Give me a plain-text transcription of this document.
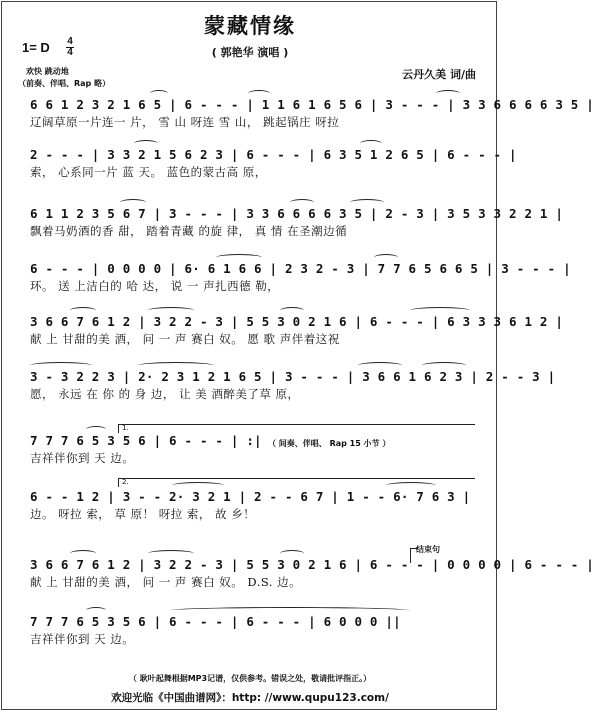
蒙藏情缘
1= D 4
4	( 郭艳华 演唱 )
云丹久美 词/曲
欢快 跳动地
（前奏、伴唱、Rap 略）
6 6 1 2 3 2 1 6 5 | 6 - - - | 1 1 6 1 6 5 6 | 3 - - - | 3 3 6 6 6 6 3 5 |
辽阔草原一片连一 片， 雪 山 呀连 雪 山， 跳起锅庄 呀拉
2 - - - | 3 3 2 1 5 6 2 3 | 6 - - - | 6 3 5 1 2 6 5 | 6 - - - |
索， 心系同一片 蓝 天。 蓝色的蒙古高 原，
6 1 1 2 3 5 6 7 | 3 - - - | 3 3 6 6 6 6 3 5 | 2 - 3 | 3 5 3 3 2 2 1 |
飘着马奶酒的香 甜， 踏着青藏 的旋 律， 真 情 在圣潮边循
6 - - - | 0 0 0 0 | 6· 6 1 6 6 | 2 3 2 - 3 | 7 7 6 5 6 6 5 | 3 - - - |
环。 送 上洁白的 哈 达， 说 一 声扎西德 勒，
3 6 6 7 6 1 2 | 3 2 2 - 3 | 5 5 3 0 2 1 6 | 6 - - - | 6 3 3 3 6 1 2 |
献 上 甘甜的美 酒， 问 一 声 赛白 奴。 愿 歌 声伴着这祝
3 - 3 2 2 3 | 2· 2 3 1 2 1 6 5 | 3 - - - | 3 6 6 1 6 2 3 | 2 - - 3 |
愿， 永远 在 你 的 身 边， 让 美 酒醉美了草 原，
1.
7 7 7 6 5 3 5 6 | 6 - - - | :|
吉祥伴你到 天 边。
（ 间奏、伴唱、 Rap 15 小节 ）
2.
6 - - 1 2 | 3 - - 2· 3 2 1 | 2 - - 6 7 | 1 - - 6· 7 6 3 |
边。 呀拉 索， 草 原！ 呀拉 索， 故 乡！
结束句
3 6 6 7 6 1 2 | 3 2 2 - 3 | 5 5 3 0 2 1 6 | 6 - - - | 0 0 0 0 | 6 - - - |
献 上 甘甜的美 酒， 问 一 声 赛白 奴。 D.S. 边。
7 7 7 6 5 3 5 6 | 6 - - - | 6 - - - | 6 0 0 0 ||
吉祥伴你到 天 边。
（ 耿叶起舞根据MP3记谱，仅供参考。错误之处，敬请批评指正。）
欢迎光临《中国曲谱网》：http: //www.qupu123.com/
